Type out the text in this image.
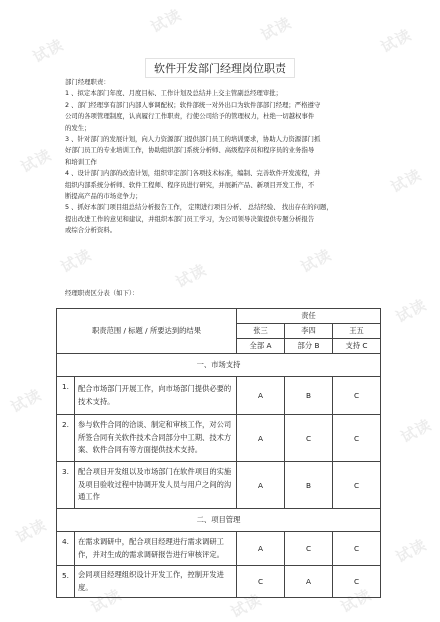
试读
试读	试读	试读
试读
试读
试读	试读	试读
试读
试读
试读
试读
试读
试读	试读	试读
软件开发部门经理岗位职责
部门经理职责：
1 、拟定本部门年度、月度目标、工作计划及总结并上交主管副总经理审批；
2 、部门经理享有部门内部人事调配权；软件部统一对外出口为软件部部门经理；严格遵守
公司的各项管理制度，认真履行工作职责，行使公司给予的管理权力，杜绝一切越权事件
的发生；
3 、针对部门的发展计划，向人力资源部门提供部门员工的培训要求，协助人力资源部门抓
好部门员工的专业培训工作，协助组织部门系统分析师、高级程序员和程序员的业务指导
和培训工作
4 、设计部门内部的改造计划，组织审定部门各项技术标准，编制、完善软件开发流程，并
组织内部系统分析师、软件工程师、程序员进行研究，并展新产品、新项目开发工作，不
断提高产品的市场竞争力；
5 、抓好本部门项目组总结分析报告工作， 定期进行项目分析、 总结经验、 找出存在的问题，
提出改进工作的意见和建议，并组织本部门员工学习，为公司领导决策提供专题分析报告
或综合分析资料。
经理职责区分表（如下）：
职责范围 / 标题 / 所要达到的结果		责任		
		张三	李四	王五
		全部 A	部分 B	支持 C
一、市场支持				
1.	配合市场部门开展工作，向市场部门提供必要的技术支持。	A	B	C
2.	参与软件合同的洽谈、制定和审核工作，对公司所签合同有关软件技术合同部分中工期、技术方案、软件合同有等方面提供技术支持。	A	C	C
3.	配合项目开发组以及市场部门在软件项目的实施及项目验收过程中协调开发人员与用户之间的沟通工作	A	B	C
二、项目管理				
4.	在需求调研中，配合项目经理进行需求调研工作，并对生成的需求调研报告进行审核评定。	A	C	C
5.	会同项目经理组织设计开发工作，控制开发进度。	C	A	C
